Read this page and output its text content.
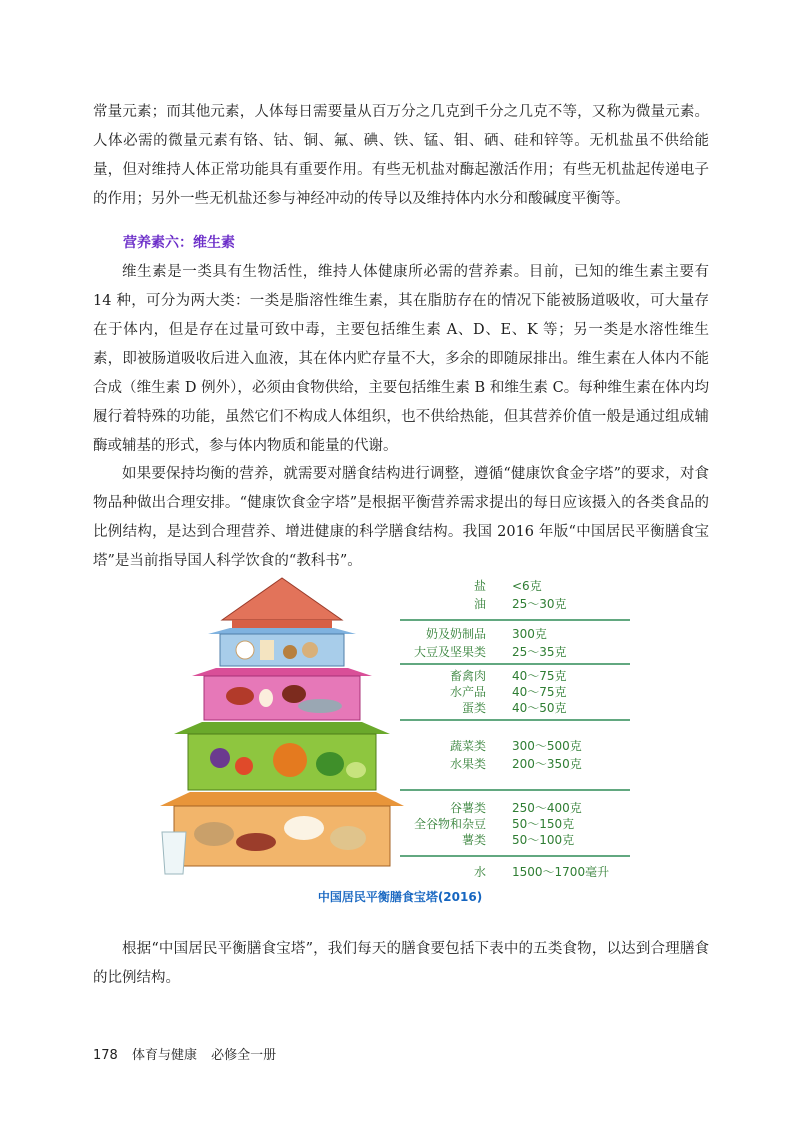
常量元素；而其他元素，人体每日需要量从百万分之几克到千分之几克不等，又称为微量元素。人体必需的微量元素有铬、钴、铜、氟、碘、铁、锰、钼、硒、硅和锌等。无机盐虽不供给能量，但对维持人体正常功能具有重要作用。有些无机盐对酶起激活作用；有些无机盐起传递电子的作用；另外一些无机盐还参与神经冲动的传导以及维持体内水分和酸碱度平衡等。

营养素六：维生素

维生素是一类具有生物活性，维持人体健康所必需的营养素。目前，已知的维生素主要有 14 种，可分为两大类：一类是脂溶性维生素，其在脂肪存在的情况下能被肠道吸收，可大量存在于体内，但是存在过量可致中毒，主要包括维生素 A、D、E、K 等；另一类是水溶性维生素，即被肠道吸收后进入血液，其在体内贮存量不大，多余的即随尿排出。维生素在人体内不能合成（维生素 D 例外），必须由食物供给，主要包括维生素 B 和维生素 C。每种维生素在体内均履行着特殊的功能，虽然它们不构成人体组织，也不供给热能，但其营养价值一般是通过组成辅酶或辅基的形式，参与体内物质和能量的代谢。

如果要保持均衡的营养，就需要对膳食结构进行调整，遵循“健康饮食金字塔”的要求，对食物品种做出合理安排。“健康饮食金字塔”是根据平衡营养需求提出的每日应该摄入的各类食品的比例结构，是达到合理营养、增进健康的科学膳食结构。我国 2016 年版“中国居民平衡膳食宝塔”是当前指导国人科学饮食的“教科书”。

盐
油
奶及奶制品
大豆及坚果类
畜禽肉
水产品
蛋类
蔬菜类
水果类
谷薯类
全谷物和杂豆
薯类
水
<6克
25～30克
300克
25～35克
40～75克
40～75克
40～50克
300～500克
200～350克
250～400克
50～150克
50～100克
1500～1700毫升

中国居民平衡膳食宝塔(2016)

根据“中国居民平衡膳食宝塔”，我们每天的膳食要包括下表中的五类食物，以达到合理膳食的比例结构。

178 体育与健康 必修全一册
